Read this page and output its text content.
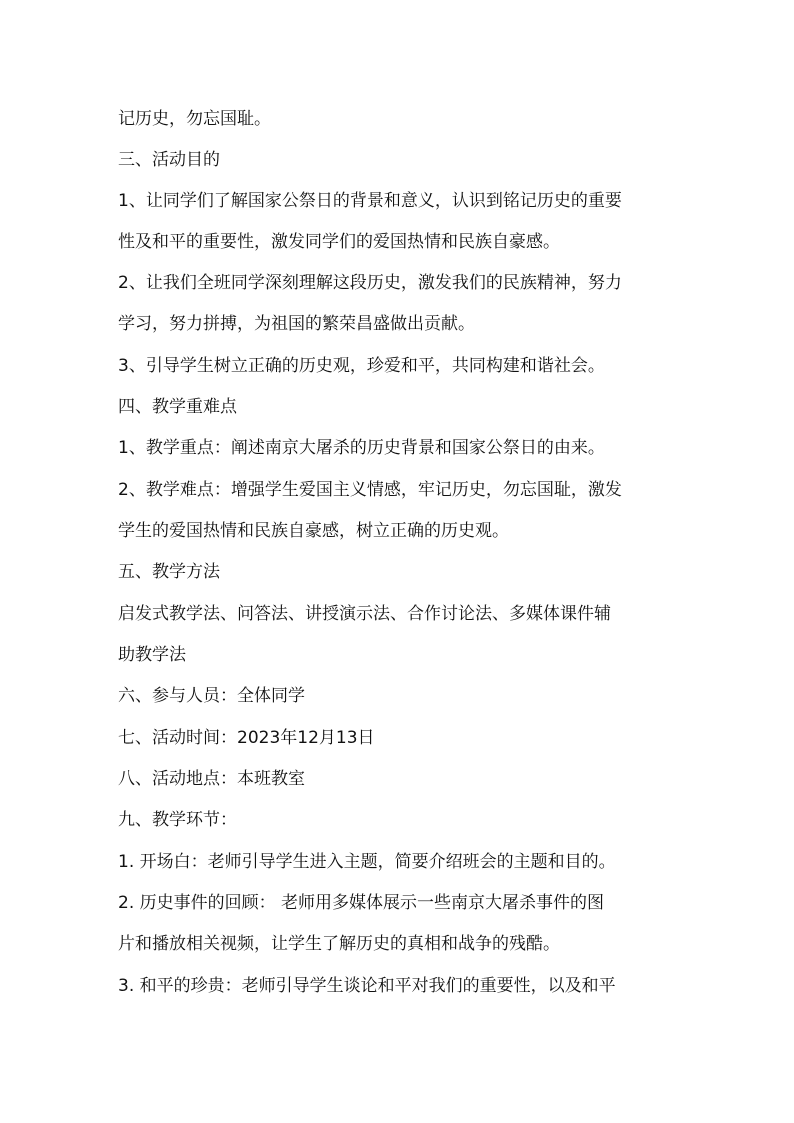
记历史，勿忘国耻。
三、活动目的
1、让同学们了解国家公祭日的背景和意义，认识到铭记历史的重要
性及和平的重要性，激发同学们的爱国热情和民族自豪感。
2、让我们全班同学深刻理解这段历史，激发我们的民族精神，努力
学习，努力拼搏，为祖国的繁荣昌盛做出贡献。
3、引导学生树立正确的历史观，珍爱和平，共同构建和谐社会。
四、教学重难点
1、教学重点：阐述南京大屠杀的历史背景和国家公祭日的由来。
2、教学难点：增强学生爱国主义情感，牢记历史，勿忘国耻，激发
学生的爱国热情和民族自豪感，树立正确的历史观。
五、教学方法
启发式教学法、问答法、讲授演示法、合作讨论法、多媒体课件辅
助教学法
六、参与人员：全体同学
七、活动时间：2023年12月13日
八、活动地点：本班教室
九、教学环节：
1. 开场白：老师引导学生进入主题，简要介绍班会的主题和目的。
2. 历史事件的回顾： 老师用多媒体展示一些南京大屠杀事件的图
片和播放相关视频，让学生了解历史的真相和战争的残酷。
3. 和平的珍贵：老师引导学生谈论和平对我们的重要性，以及和平
